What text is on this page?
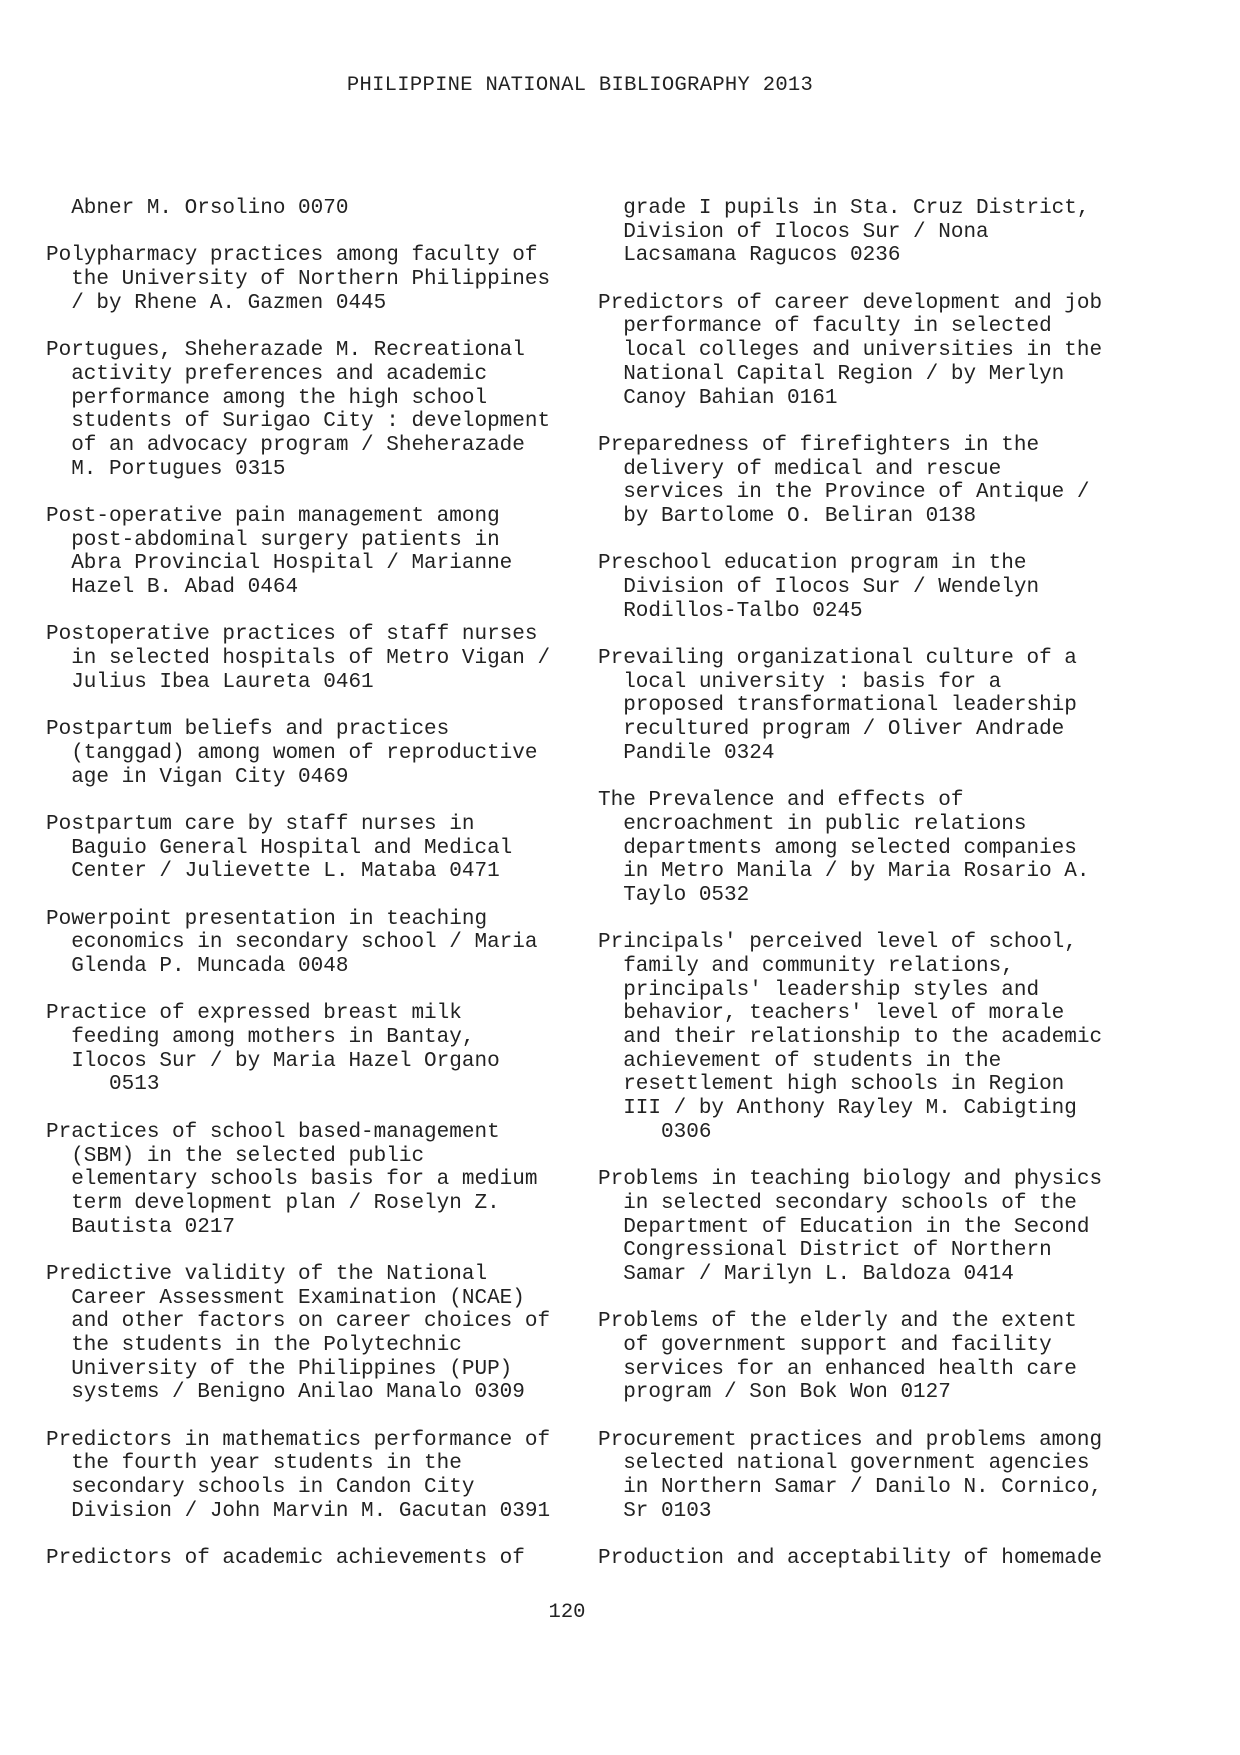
PHILIPPINE NATIONAL BIBLIOGRAPHY 2013
Abner M. Orsolino 0070
Polypharmacy practices among faculty of
the University of Northern Philippines
/ by Rhene A. Gazmen 0445
Portugues, Sheherazade M. Recreational
activity preferences and academic
performance among the high school
students of Surigao City : development
of an advocacy program / Sheherazade
M. Portugues 0315
Post-operative pain management among
post-abdominal surgery patients in
Abra Provincial Hospital / Marianne
Hazel B. Abad 0464
Postoperative practices of staff nurses
in selected hospitals of Metro Vigan /
Julius Ibea Laureta 0461
Postpartum beliefs and practices
(tanggad) among women of reproductive
age in Vigan City 0469
Postpartum care by staff nurses in
Baguio General Hospital and Medical
Center / Julievette L. Mataba 0471
Powerpoint presentation in teaching
economics in secondary school / Maria
Glenda P. Muncada 0048
Practice of expressed breast milk
feeding among mothers in Bantay,
Ilocos Sur / by Maria Hazel Organo
0513
Practices of school based-management
(SBM) in the selected public
elementary schools basis for a medium
term development plan / Roselyn Z.
Bautista 0217
Predictive validity of the National
Career Assessment Examination (NCAE)
and other factors on career choices of
the students in the Polytechnic
University of the Philippines (PUP)
systems / Benigno Anilao Manalo 0309
Predictors in mathematics performance of
the fourth year students in the
secondary schools in Candon City
Division / John Marvin M. Gacutan 0391
Predictors of academic achievements of
grade I pupils in Sta. Cruz District,
Division of Ilocos Sur / Nona
Lacsamana Ragucos 0236
Predictors of career development and job
performance of faculty in selected
local colleges and universities in the
National Capital Region / by Merlyn
Canoy Bahian 0161
Preparedness of firefighters in the
delivery of medical and rescue
services in the Province of Antique /
by Bartolome O. Beliran 0138
Preschool education program in the
Division of Ilocos Sur / Wendelyn
Rodillos-Talbo 0245
Prevailing organizational culture of a
local university : basis for a
proposed transformational leadership
recultured program / Oliver Andrade
Pandile 0324
The Prevalence and effects of
encroachment in public relations
departments among selected companies
in Metro Manila / by Maria Rosario A.
Taylo 0532
Principals' perceived level of school,
family and community relations,
principals' leadership styles and
behavior, teachers' level of morale
and their relationship to the academic
achievement of students in the
resettlement high schools in Region
III / by Anthony Rayley M. Cabigting
0306
Problems in teaching biology and physics
in selected secondary schools of the
Department of Education in the Second
Congressional District of Northern
Samar / Marilyn L. Baldoza 0414
Problems of the elderly and the extent
of government support and facility
services for an enhanced health care
program / Son Bok Won 0127
Procurement practices and problems among
selected national government agencies
in Northern Samar / Danilo N. Cornico,
Sr 0103
Production and acceptability of homemade
120
